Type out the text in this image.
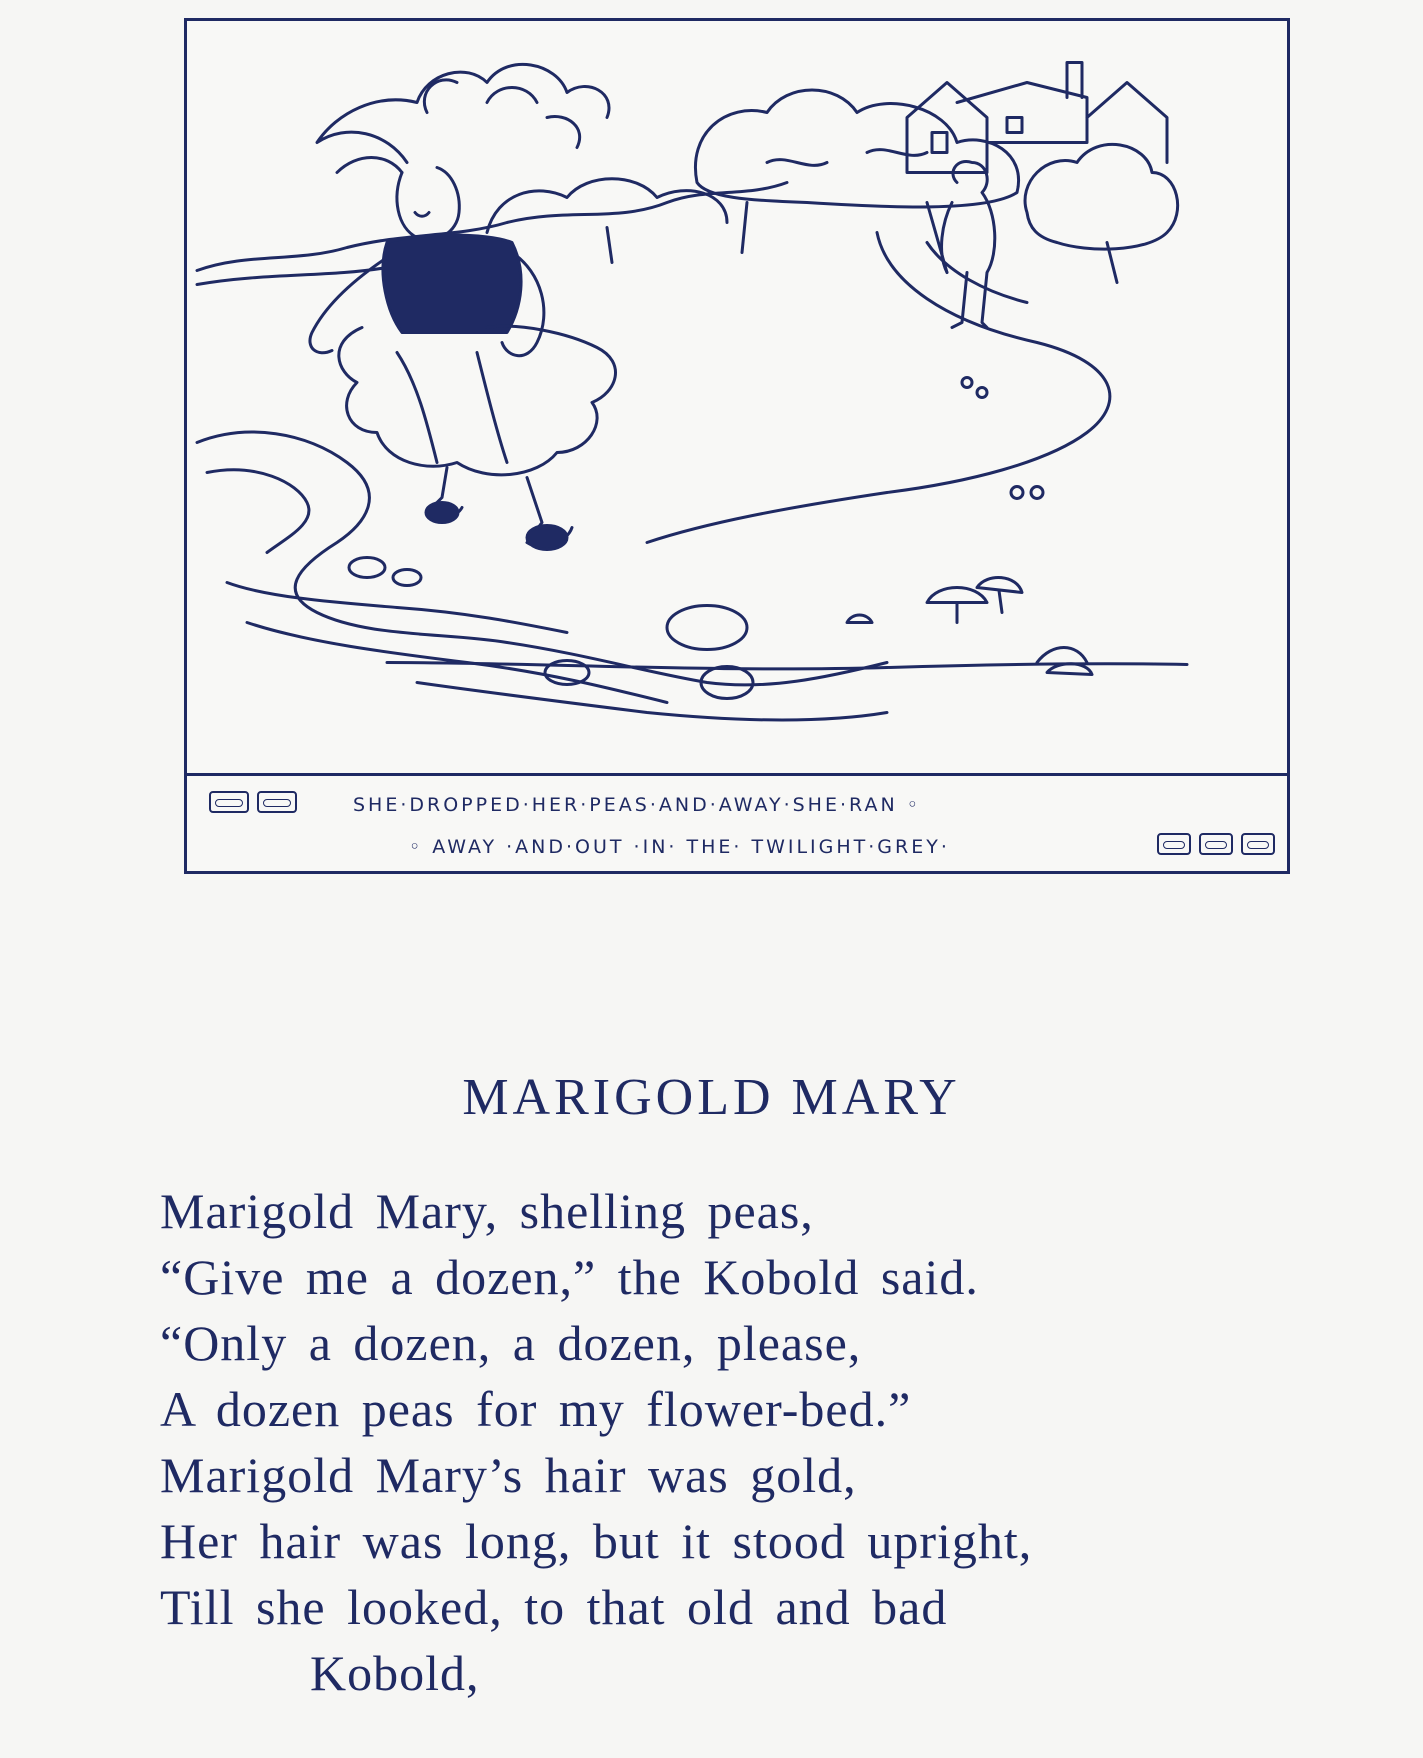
SHE·DROPPED·HER·PEAS·AND·AWAY·SHE·RAN ◦
◦ AWAY ·AND·OUT ·IN· THE· TWILIGHT·GREY·
MARIGOLD MARY
Marigold Mary, shelling peas,
“Give me a dozen,” the Kobold said.
“Only a dozen, a dozen, please,
A dozen peas for my flower-bed.”
Marigold Mary’s hair was gold,
Her hair was long, but it stood upright,
Till she looked, to that old and bad
Kobold,
